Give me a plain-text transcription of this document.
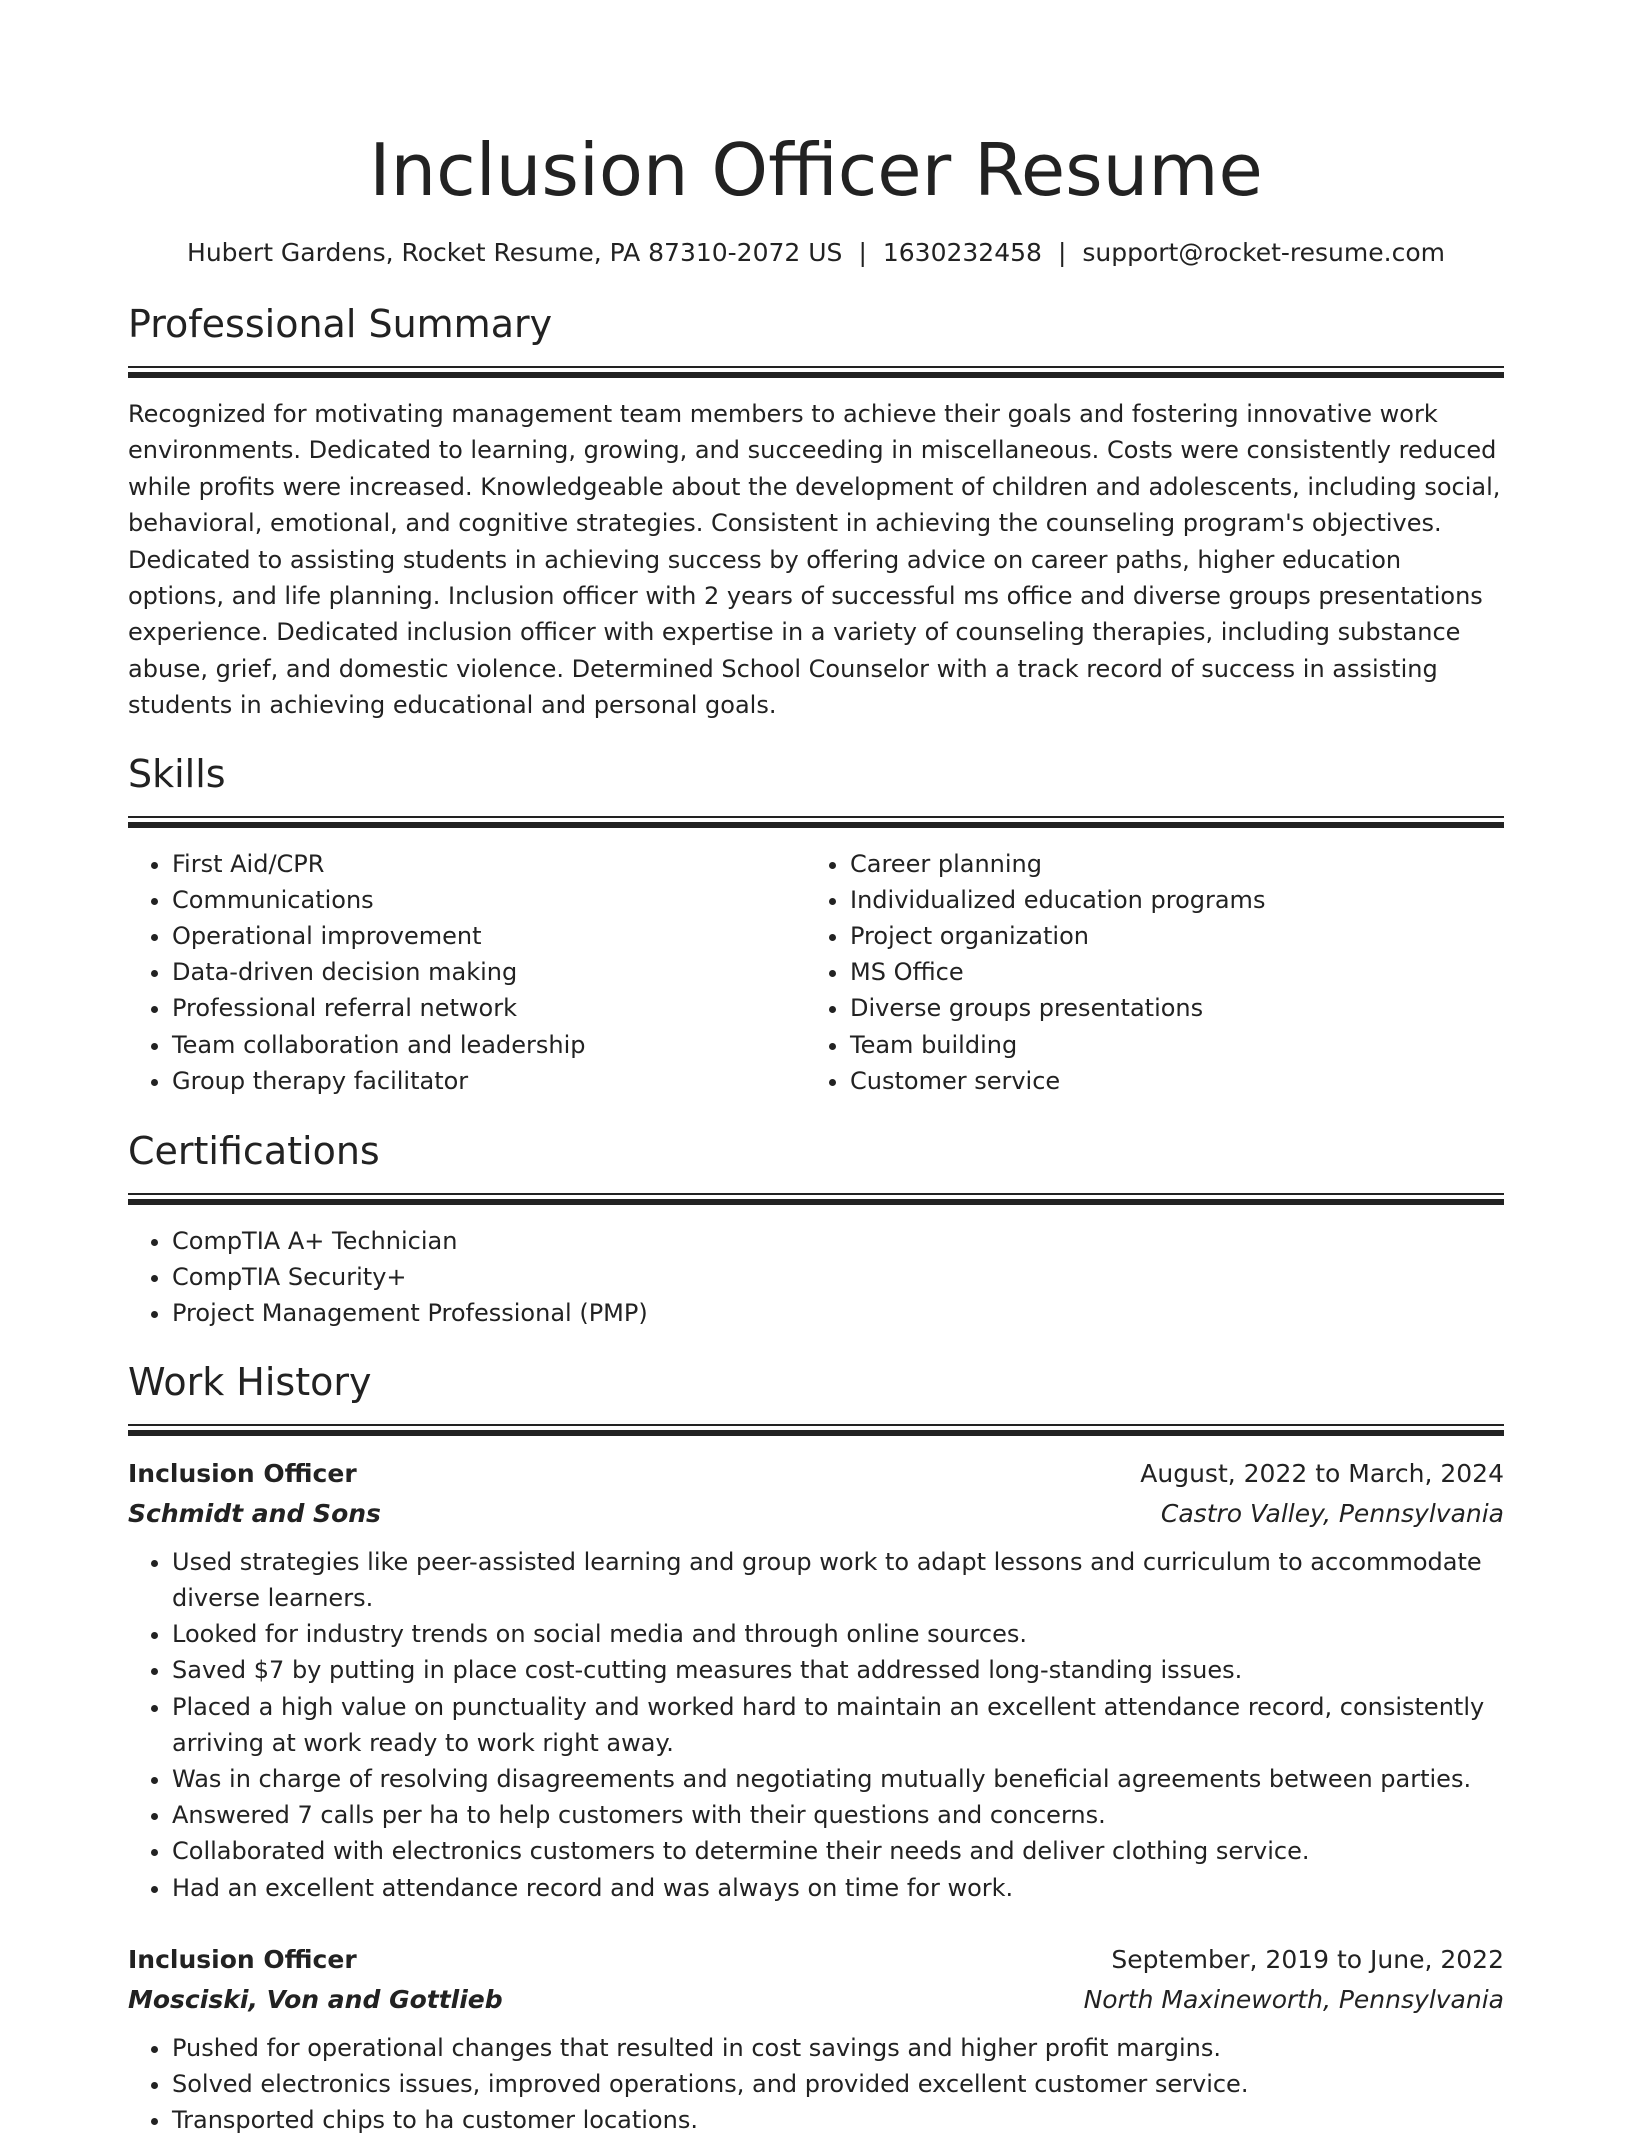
Inclusion Officer Resume
Hubert Gardens, Rocket Resume, PA 87310-2072 US | 1630232458 | support@rocket-resume.com
Professional Summary

Recognized for motivating management team members to achieve their goals and fostering innovative work environments. Dedicated to learning, growing, and succeeding in miscellaneous. Costs were consistently reduced while profits were increased. Knowledgeable about the development of children and adolescents, including social, behavioral, emotional, and cognitive strategies. Consistent in achieving the counseling program's objectives. Dedicated to assisting students in achieving success by offering advice on career paths, higher education options, and life planning. Inclusion officer with 2 years of successful ms office and diverse groups presentations experience. Dedicated inclusion officer with expertise in a variety of counseling therapies, including substance abuse, grief, and domestic violence. Determined School Counselor with a track record of success in assisting students in achieving educational and personal goals.

Skills
• First Aid/CPR
• Communications
• Operational improvement
• Data-driven decision making
• Professional referral network
• Team collaboration and leadership
• Group therapy facilitator
• Career planning
• Individualized education programs
• Project organization
• MS Office
• Diverse groups presentations
• Team building
• Customer service
Certifications
• CompTIA A+ Technician
• CompTIA Security+
• Project Management Professional (PMP)
Work History
Inclusion Officer	August, 2022 to March, 2024
Schmidt and Sons	Castro Valley, Pennsylvania
• Used strategies like peer-assisted learning and group work to adapt lessons and curriculum to accommodate diverse learners.
• Looked for industry trends on social media and through online sources.
• Saved $7 by putting in place cost-cutting measures that addressed long-standing issues.
• Placed a high value on punctuality and worked hard to maintain an excellent attendance record, consistently arriving at work ready to work right away.
• Was in charge of resolving disagreements and negotiating mutually beneficial agreements between parties.
• Answered 7 calls per ha to help customers with their questions and concerns.
• Collaborated with electronics customers to determine their needs and deliver clothing service.
• Had an excellent attendance record and was always on time for work.
Inclusion Officer	September, 2019 to June, 2022
Mosciski, Von and Gottlieb	North Maxineworth, Pennsylvania
• Pushed for operational changes that resulted in cost savings and higher profit margins.
• Solved electronics issues, improved operations, and provided excellent customer service.
• Transported chips to ha customer locations.
